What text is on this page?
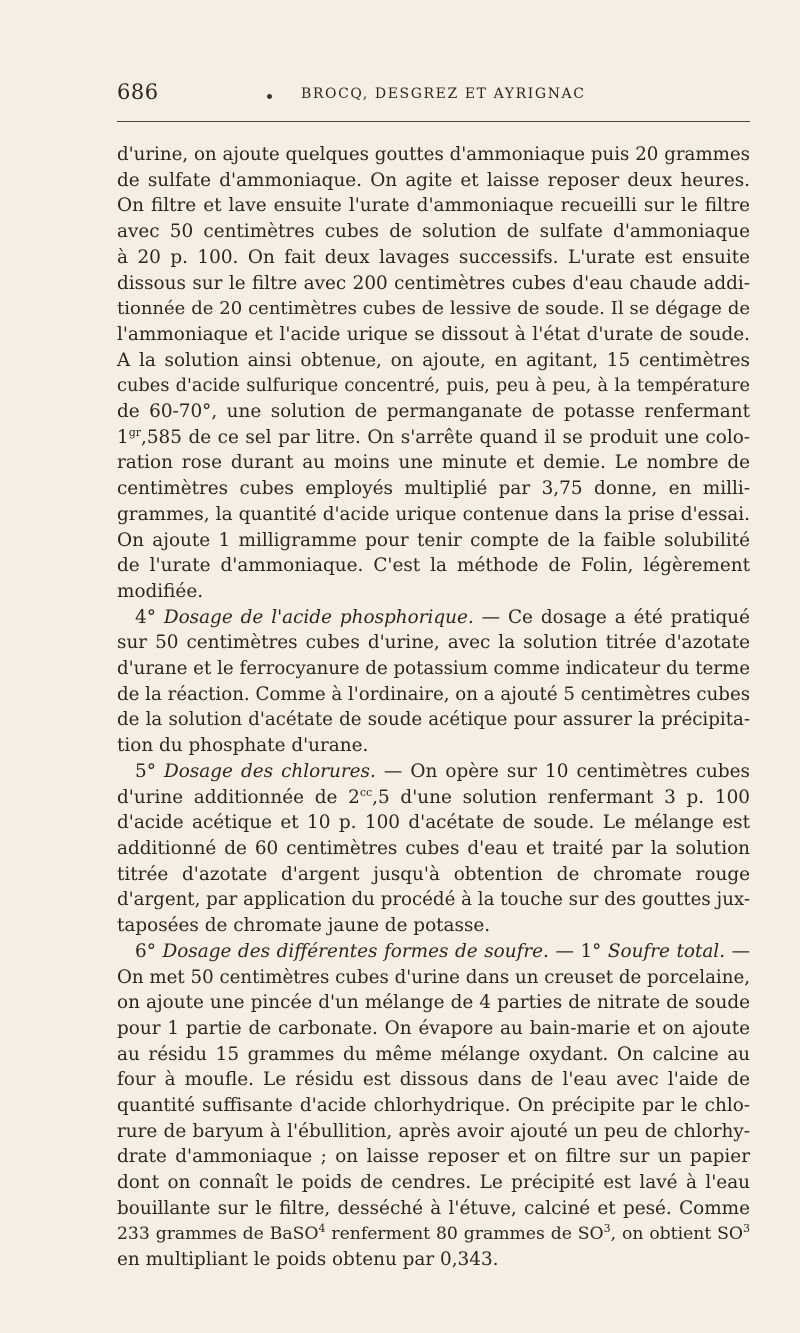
686	BROCQ, DESGREZ ET AYRIGNAC
d'urine, on ajoute quelques gouttes d'ammoniaque puis 20 grammes
de sulfate d'ammoniaque. On agite et laisse reposer deux heures.
On filtre et lave ensuite l'urate d'ammoniaque recueilli sur le filtre
avec 50 centimètres cubes de solution de sulfate d'ammoniaque
à 20 p. 100. On fait deux lavages successifs. L'urate est ensuite
dissous sur le filtre avec 200 centimètres cubes d'eau chaude addi-
tionnée de 20 centimètres cubes de lessive de soude. Il se dégage de
l'ammoniaque et l'acide urique se dissout à l'état d'urate de soude.
A la solution ainsi obtenue, on ajoute, en agitant, 15 centimètres
cubes d'acide sulfurique concentré, puis, peu à peu, à la température
de 60-70°, une solution de permanganate de potasse renfermant
$1^{gr},585$ de ce sel par litre. On s'arrête quand il se produit une colo-
ration rose durant au moins une minute et demie. Le nombre de
centimètres cubes employés multiplié par 3,75 donne, en milli-
grammes, la quantité d'acide urique contenue dans la prise d'essai.
On ajoute 1 milligramme pour tenir compte de la faible solubilité
de l'urate d'ammoniaque. C'est la méthode de Folin, légèrement
modifiée.
4° Dosage de l'acide phosphorique. — Ce dosage a été pratiqué
sur 50 centimètres cubes d'urine, avec la solution titrée d'azotate
d'urane et le ferrocyanure de potassium comme indicateur du terme
de la réaction. Comme à l'ordinaire, on a ajouté 5 centimètres cubes
de la solution d'acétate de soude acétique pour assurer la précipita-
tion du phosphate d'urane.
5° Dosage des chlorures. — On opère sur 10 centimètres cubes
d'urine additionnée de $2^{cc},5$ d'une solution renfermant 3 p. 100
d'acide acétique et 10 p. 100 d'acétate de soude. Le mélange est
additionné de 60 centimètres cubes d'eau et traité par la solution
titrée d'azotate d'argent jusqu'à obtention de chromate rouge
d'argent, par application du procédé à la touche sur des gouttes jux-
taposées de chromate jaune de potasse.
6° Dosage des différentes formes de soufre. — 1° Soufre total. —
On met 50 centimètres cubes d'urine dans un creuset de porcelaine,
on ajoute une pincée d'un mélange de 4 parties de nitrate de soude
pour 1 partie de carbonate. On évapore au bain-marie et on ajoute
au résidu 15 grammes du même mélange oxydant. On calcine au
four à moufle. Le résidu est dissous dans de l'eau avec l'aide de
quantité suffisante d'acide chlorhydrique. On précipite par le chlo-
rure de baryum à l'ébullition, après avoir ajouté un peu de chlorhy-
drate d'ammoniaque ; on laisse reposer et on filtre sur un papier
dont on connaît le poids de cendres. Le précipité est lavé à l'eau
bouillante sur le filtre, desséché à l'étuve, calciné et pesé. Comme
233 grammes de BaSO$^4$ renferment 80 grammes de $SO^3$, on obtient $SO^3$
en multipliant le poids obtenu par 0,343.
